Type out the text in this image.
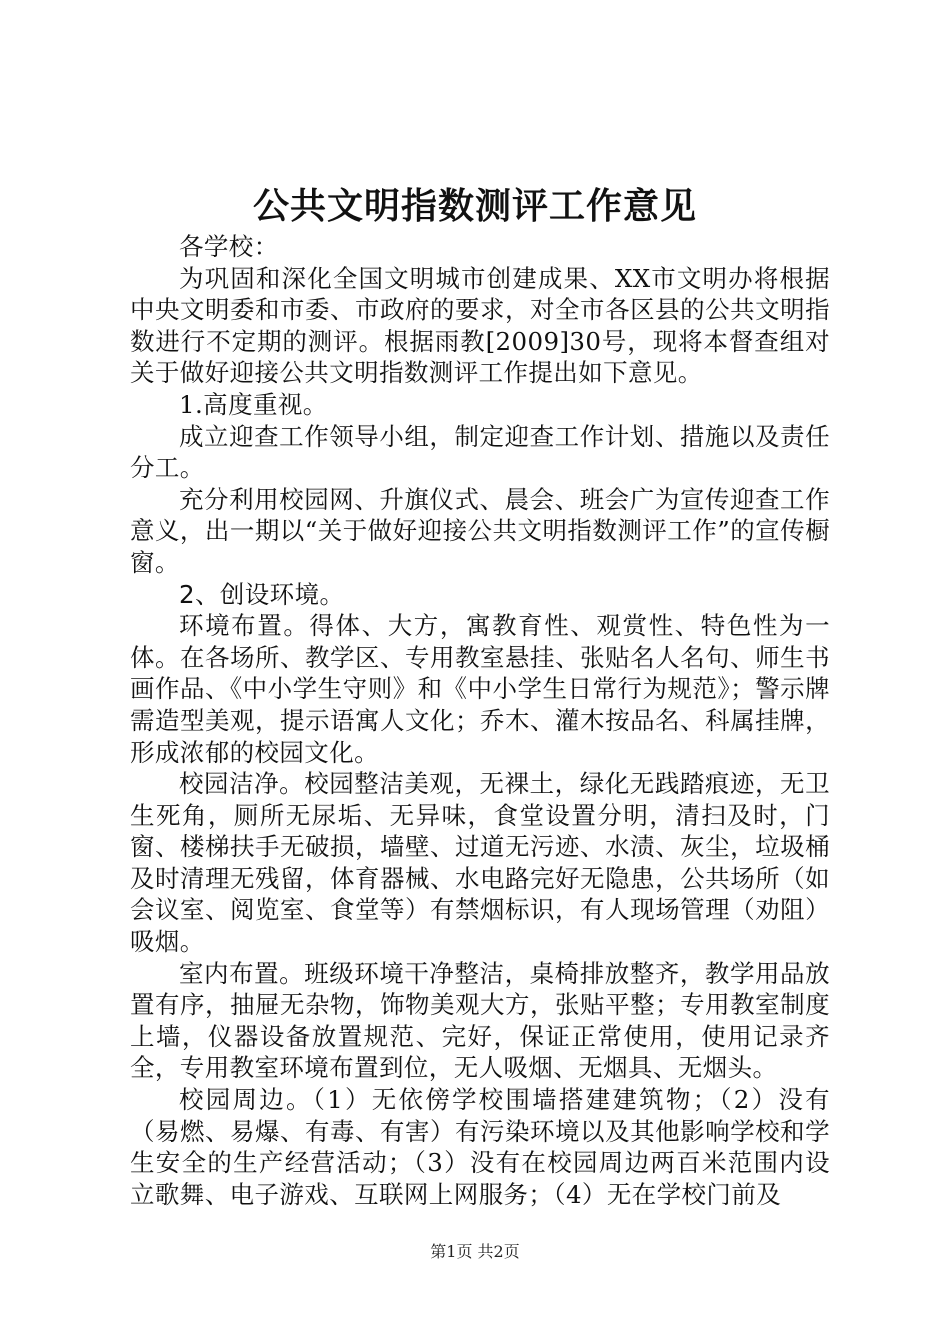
公共文明指数测评工作意见

各学校：

为巩固和深化全国文明城市创建成果、XX市文明办将根据中央文明委和市委、市政府的要求，对全市各区县的公共文明指数进行不定期的测评。根据雨教[2009]30号，现将本督查组对关于做好迎接公共文明指数测评工作提出如下意见。

1.高度重视。

成立迎查工作领导小组，制定迎查工作计划、措施以及责任分工。

充分利用校园网、升旗仪式、晨会、班会广为宣传迎查工作意义，出一期以“关于做好迎接公共文明指数测评工作”的宣传橱窗。

2、创设环境。

环境布置。得体、大方，寓教育性、观赏性、特色性为一体。在各场所、教学区、专用教室悬挂、张贴名人名句、师生书画作品、《中小学生守则》和《中小学生日常行为规范》；警示牌需造型美观，提示语寓人文化；乔木、灌木按品名、科属挂牌，形成浓郁的校园文化。

校园洁净。校园整洁美观，无裸土，绿化无践踏痕迹，无卫生死角，厕所无尿垢、无异味，食堂设置分明，清扫及时，门窗、楼梯扶手无破损，墙壁、过道无污迹、水渍、灰尘，垃圾桶及时清理无残留，体育器械、水电路完好无隐患，公共场所（如会议室、阅览室、食堂等）有禁烟标识，有人现场管理（劝阻）吸烟。

室内布置。班级环境干净整洁，桌椅排放整齐，教学用品放置有序，抽屉无杂物，饰物美观大方，张贴平整；专用教室制度上墙，仪器设备放置规范、完好，保证正常使用，使用记录齐全，专用教室环境布置到位，无人吸烟、无烟具、无烟头。

校园周边。（1）无依傍学校围墙搭建建筑物；（2）没有（易燃、易爆、有毒、有害）有污染环境以及其他影响学校和学生安全的生产经营活动；（3）没有在校园周边两百米范围内设立歌舞、电子游戏、互联网上网服务；（4）无在学校门前及

第1页 共2页
